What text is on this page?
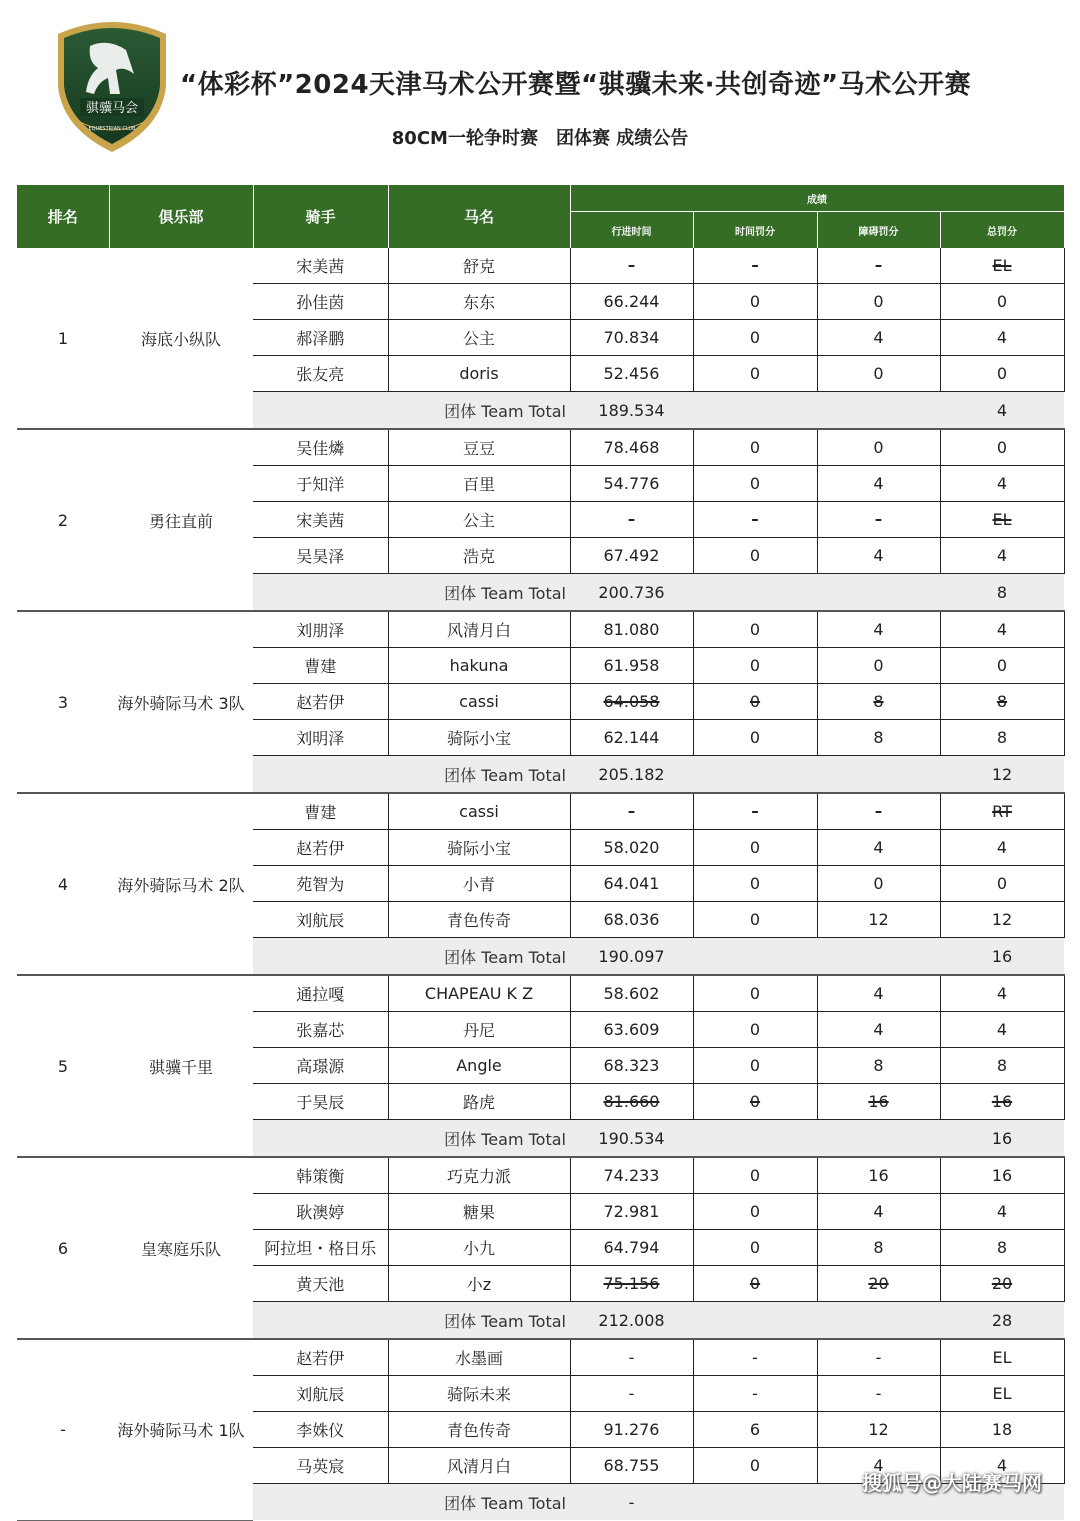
骐骥马会
EQUESTRIAN CLUB
“体彩杯”2024天津马术公开赛暨“骐骥未来·共创奇迹”马术公开赛
80CM一轮争时赛　团体赛 成绩公告
排名	俱乐部	骑手	马名	成绩			
				行进时间	时间罚分	障碍罚分	总罚分
1	海底小纵队	宋美茜	舒克	-	-	-	EL
		孙佳茵	东东	66.244	0	0	0
		郝泽鹏	公主	70.834	0	4	4
		张友亮	doris	52.456	0	0	0
		团体 Team Total		189.534			4
2	勇往直前	吴佳燐	豆豆	78.468	0	0	0
		于知洋	百里	54.776	0	4	4
		宋美茜	公主	-	-	-	EL
		吴昊泽	浩克	67.492	0	4	4
		团体 Team Total		200.736			8
3	海外骑际马术 3队	刘朋泽	风清月白	81.080	0	4	4
		曹建	hakuna	61.958	0	0	0
		赵若伊	cassi	64.058	0	8	8
		刘明泽	骑际小宝	62.144	0	8	8
		团体 Team Total		205.182			12
4	海外骑际马术 2队	曹建	cassi	-	-	-	RT
		赵若伊	骑际小宝	58.020	0	4	4
		苑智为	小青	64.041	0	0	0
		刘航辰	青色传奇	68.036	0	12	12
		团体 Team Total		190.097			16
5	骐骥千里	通拉嘎	CHAPEAU K Z	58.602	0	4	4
		张嘉芯	丹尼	63.609	0	4	4
		高璟源	Angle	68.323	0	8	8
		于昊辰	路虎	81.660	0	16	16
		团体 Team Total		190.534			16
6	皇寒庭乐队	韩策衡	巧克力派	74.233	0	16	16
		耿澳婷	糖果	72.981	0	4	4
		阿拉坦・格日乐	小九	64.794	0	8	8
		黄天池	小z	75.156	0	20	20
		团体 Team Total		212.008			28
-	海外骑际马术 1队	赵若伊	水墨画	-	-	-	EL
		刘航辰	骑际未来	-	-	-	EL
		李姝仪	青色传奇	91.276	6	12	18
		马英宸	风清月白	68.755	0	4	4
		团体 Team Total		-			
搜狐号@大陆赛马网
